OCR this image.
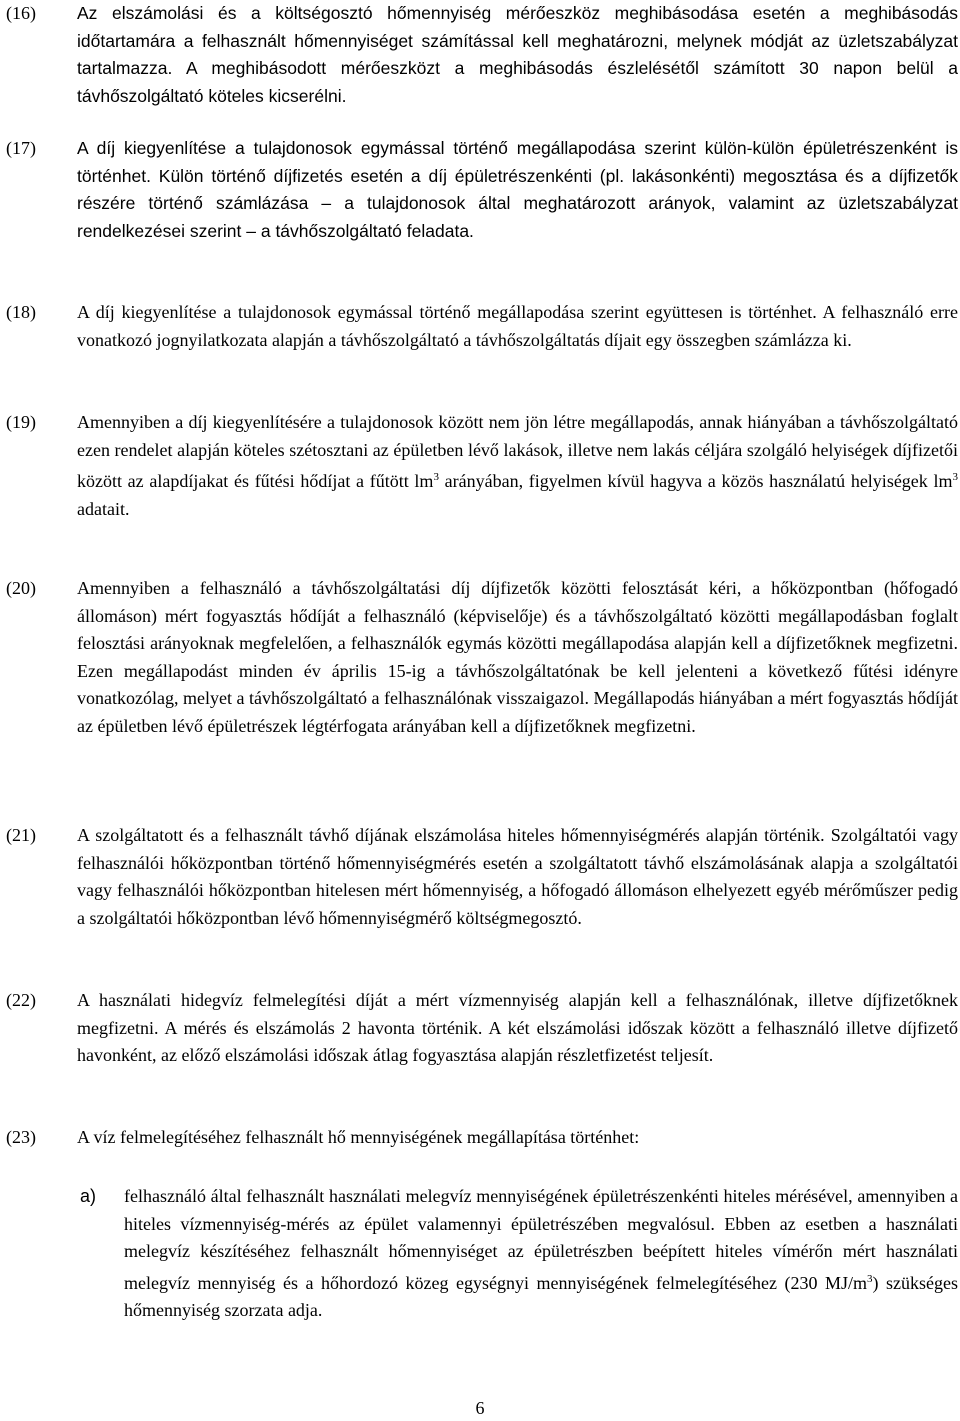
(16) Az elszámolási és a költségosztó hőmennyiség mérőeszköz meghibásodása esetén a meghibásodás időtartamára a felhasznált hőmennyiséget számítással kell meghatározni, melynek módját az üzletszabályzat tartalmazza. A meghibásodott mérőeszközt a meghibásodás észlelésétől számított 30 napon belül a távhőszolgáltató köteles kicserélni.
(17) A díj kiegyenlítése a tulajdonosok egymással történő megállapodása szerint külön-külön épületrészenként is történhet. Külön történő díjfizetés esetén a díj épületrészenkénti (pl. lakásonkénti) megosztása és a díjfizetők részére történő számlázása – a tulajdonosok által meghatározott arányok, valamint az üzletszabályzat rendelkezései szerint – a távhőszolgáltató feladata.
(18) A díj kiegyenlítése a tulajdonosok egymással történő megállapodása szerint együttesen is történhet. A felhasználó erre vonatkozó jognyilatkozata alapján a távhőszolgáltató a távhőszolgáltatás díjait egy összegben számlázza ki.
(19) Amennyiben a díj kiegyenlítésére a tulajdonosok között nem jön létre megállapodás, annak hiányában a távhőszolgáltató ezen rendelet alapján köteles szétosztani az épületben lévő lakások, illetve nem lakás céljára szolgáló helyiségek díjfizetői között az alapdíjakat és fűtési hődíjat a fűtött $lm^3$ arányában, figyelmen kívül hagyva a közös használatú helyiségek $lm^3$ adatait.
(20) Amennyiben a felhasználó a távhőszolgáltatási díj díjfizetők közötti felosztását kéri, a hőközpontban (hőfogadó állomáson) mért fogyasztás hődíját a felhasználó (képviselője) és a távhőszolgáltató közötti megállapodásban foglalt felosztási arányoknak megfelelően, a felhasználók egymás közötti megállapodása alapján kell a díjfizetőknek megfizetni. Ezen megállapodást minden év április 15-ig a távhőszolgáltatónak be kell jelenteni a következő fűtési idényre vonatkozólag, melyet a távhőszolgáltató a felhasználónak visszaigazol. Megállapodás hiányában a mért fogyasztás hődíját az épületben lévő épületrészek légtérfogata arányában kell a díjfizetőknek megfizetni.
(21) A szolgáltatott és a felhasznált távhő díjának elszámolása hiteles hőmennyiségmérés alapján történik. Szolgáltatói vagy felhasználói hőközpontban történő hőmennyiségmérés esetén a szolgáltatott távhő elszámolásának alapja a szolgáltatói vagy felhasználói hőközpontban hitelesen mért hőmennyiség, a hőfogadó állomáson elhelyezett egyéb mérőműszer pedig a szolgáltatói hőközpontban lévő hőmennyiségmérő költségmegosztó.
(22) A használati hidegvíz felmelegítési díját a mért vízmennyiség alapján kell a felhasználónak, illetve díjfizetőknek megfizetni. A mérés és elszámolás 2 havonta történik. A két elszámolási időszak között a felhasználó illetve díjfizető havonként, az előző elszámolási időszak átlag fogyasztása alapján részletfizetést teljesít.
(23) A víz felmelegítéséhez felhasznált hő mennyiségének megállapítása történhet:
a) felhasználó által felhasznált használati melegvíz mennyiségének épületrészenkénti hiteles mérésével, amennyiben a hiteles vízmennyiség-mérés az épület valamennyi épületrészében megvalósul. Ebben az esetben a használati melegvíz készítéséhez felhasznált hőmennyiséget az épületrészben beépített hiteles vímérőn mért használati melegvíz mennyiség és a hőhordozó közeg egységnyi mennyiségének felmelegítéséhez (230 $MJ/m^3$) szükséges hőmennyiség szorzata adja.
6
